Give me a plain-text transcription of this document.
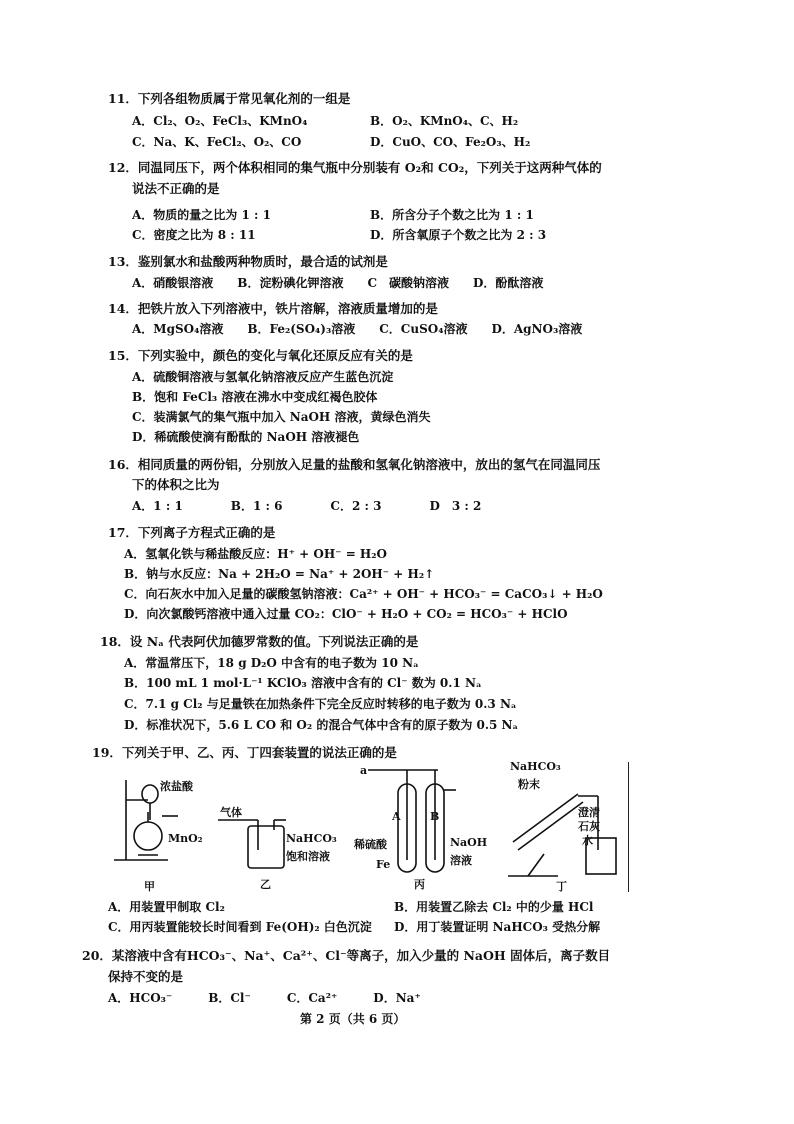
11．下列各组物质属于常见氧化剂的一组是
A．Cl₂、O₂、FeCl₃、KMnO₄	B．O₂、KMnO₄、C、H₂
C．Na、K、FeCl₂、O₂、CO	D．CuO、CO、Fe₂O₃、H₂
12．同温同压下，两个体积相同的集气瓶中分别装有 O₂和 CO₂，下列关于这两种气体的
说法不正确的是
A．物质的量之比为 1 : 1	B．所含分子个数之比为 1 : 1
C．密度之比为 8 : 11	D．所含氧原子个数之比为 2 : 3
13．鉴别氯水和盐酸两种物质时，最合适的试剂是
A．硝酸银溶液　　B．淀粉碘化钾溶液　　C　碳酸钠溶液　　D．酚酞溶液
14．把铁片放入下列溶液中，铁片溶解，溶液质量增加的是
A．MgSO₄溶液　　B．Fe₂(SO₄)₃溶液　　C．CuSO₄溶液　　D．AgNO₃溶液
15．下列实验中，颜色的变化与氧化还原反应有关的是
A．硫酸铜溶液与氢氧化钠溶液反应产生蓝色沉淀
B．饱和 FeCl₃ 溶液在沸水中变成红褐色胶体
C．装满氯气的集气瓶中加入 NaOH 溶液，黄绿色消失
D．稀硫酸使滴有酚酞的 NaOH 溶液褪色
16．相同质量的两份铝，分别放入足量的盐酸和氢氧化钠溶液中，放出的氢气在同温同压
下的体积之比为
A．1 : 1　　　　B．1 : 6　　　　C．2 : 3　　　　D　3 : 2
17．下列离子方程式正确的是
A．氢氧化铁与稀盐酸反应：H⁺ + OH⁻ = H₂O
B．钠与水反应：Na + 2H₂O = Na⁺ + 2OH⁻ + H₂↑
C．向石灰水中加入足量的碳酸氢钠溶液：Ca²⁺ + OH⁻ + HCO₃⁻ = CaCO₃↓ + H₂O
D．向次氯酸钙溶液中通入过量 CO₂：ClO⁻ + H₂O + CO₂ = HCO₃⁻ + HClO
18．设 Nₐ 代表阿伏加德罗常数的值。下列说法正确的是
A．常温常压下，18 g D₂O 中含有的电子数为 10 Nₐ
B．100 mL 1 mol·L⁻¹ KClO₃ 溶液中含有的 Cl⁻ 数为 0.1 Nₐ
C．7.1 g Cl₂ 与足量铁在加热条件下完全反应时转移的电子数为 0.3 Nₐ
D．标准状况下，5.6 L CO 和 O₂ 的混合气体中含有的原子数为 0.5 Nₐ
19．下列关于甲、乙、丙、丁四套装置的说法正确的是
浓盐酸
MnO₂
甲
气体
NaHCO₃
饱和溶液
乙
a
A	B
稀硫酸
Fe
NaOH
溶液
丙
NaHCO₃
粉末
澄清
石灰
水
丁
A．用装置甲制取 Cl₂	B．用装置乙除去 Cl₂ 中的少量 HCl
C．用丙装置能较长时间看到 Fe(OH)₂ 白色沉淀 D．用丁装置证明 NaHCO₃ 受热分解
20．某溶液中含有HCO₃⁻、Na⁺、Ca²⁺、Cl⁻等离子，加入少量的 NaOH 固体后，离子数目
保持不变的是
A．HCO₃⁻　　　B．Cl⁻　　　C．Ca²⁺　　　D．Na⁺
第 2 页（共 6 页）
